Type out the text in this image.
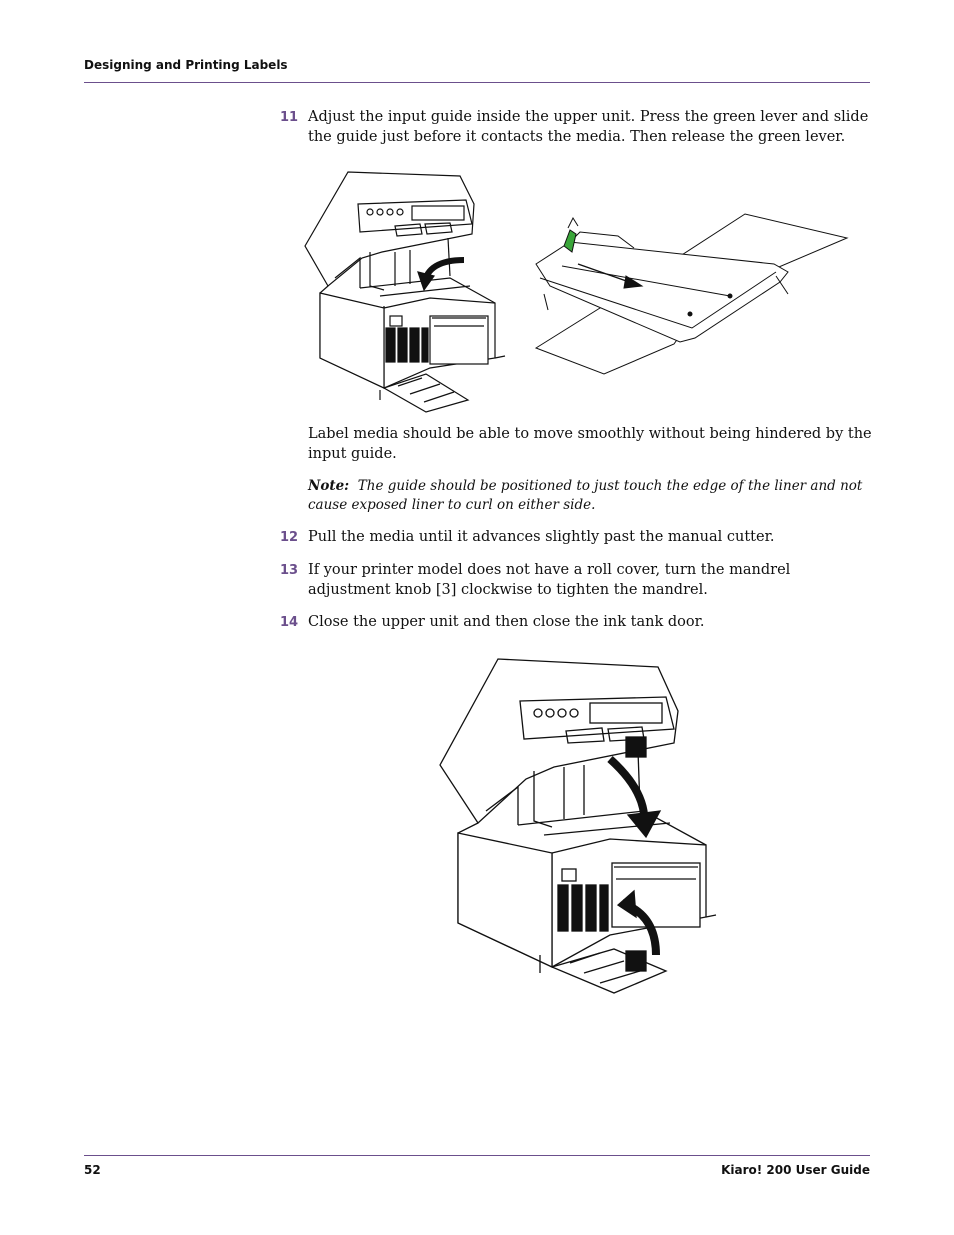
Designing and Printing Labels
11 Adjust the input guide inside the upper unit. Press the green lever and slide the guide just before it contacts the media. Then release the green lever.
Label media should be able to move smoothly without being hindered by the input guide.
Note: The guide should be positioned to just touch the edge of the liner and not cause exposed liner to curl on either side.
12 Pull the media until it advances slightly past the manual cutter.
13 If your printer model does not have a roll cover, turn the mandrel adjustment knob [3] clockwise to tighten the mandrel.
14 Close the upper unit and then close the ink tank door.
52	Kiaro! 200 User Guide
